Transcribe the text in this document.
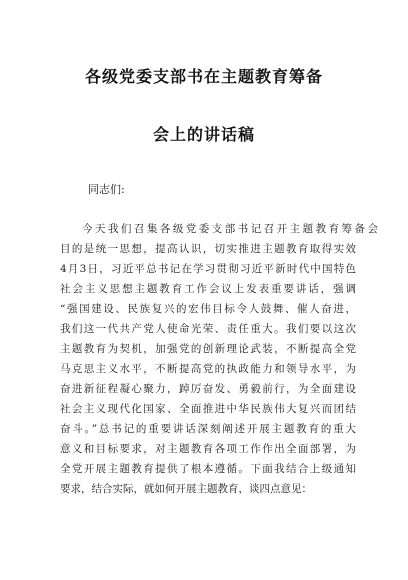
各级党委支部书在主题教育筹备
会上的讲话稿
同志们:
今天我们召集各级党委支部书记召开主题教育筹备会
目的是统一思想，提高认识，切实推进主题教育取得实效
4月3日，习近平总书记在学习贯彻习近平新时代中国特色
社会主义思想主题教育工作会议上发表重要讲话，强调
“强国建设、民族复兴的宏伟目标令人鼓舞、催人奋进，
我们这一代共产党人使命光荣、责任重大。我们要以这次
主题教育为契机，加强党的创新理论武装，不断提高全党
马克思主义水平，不断提高党的执政能力和领导水平，为
奋进新征程凝心聚力，踔厉奋发、勇毅前行，为全面建设
社会主义现代化国家、全面推进中华民族伟大复兴而团结
奋斗。”总书记的重要讲话深刻阐述开展主题教育的重大
意义和目标要求，对主题教育各项工作作出全面部署，为
全党开展主题教育提供了根本遵循。下面我结合上级通知
要求，结合实际，就如何开展主题教育，谈四点意见：
